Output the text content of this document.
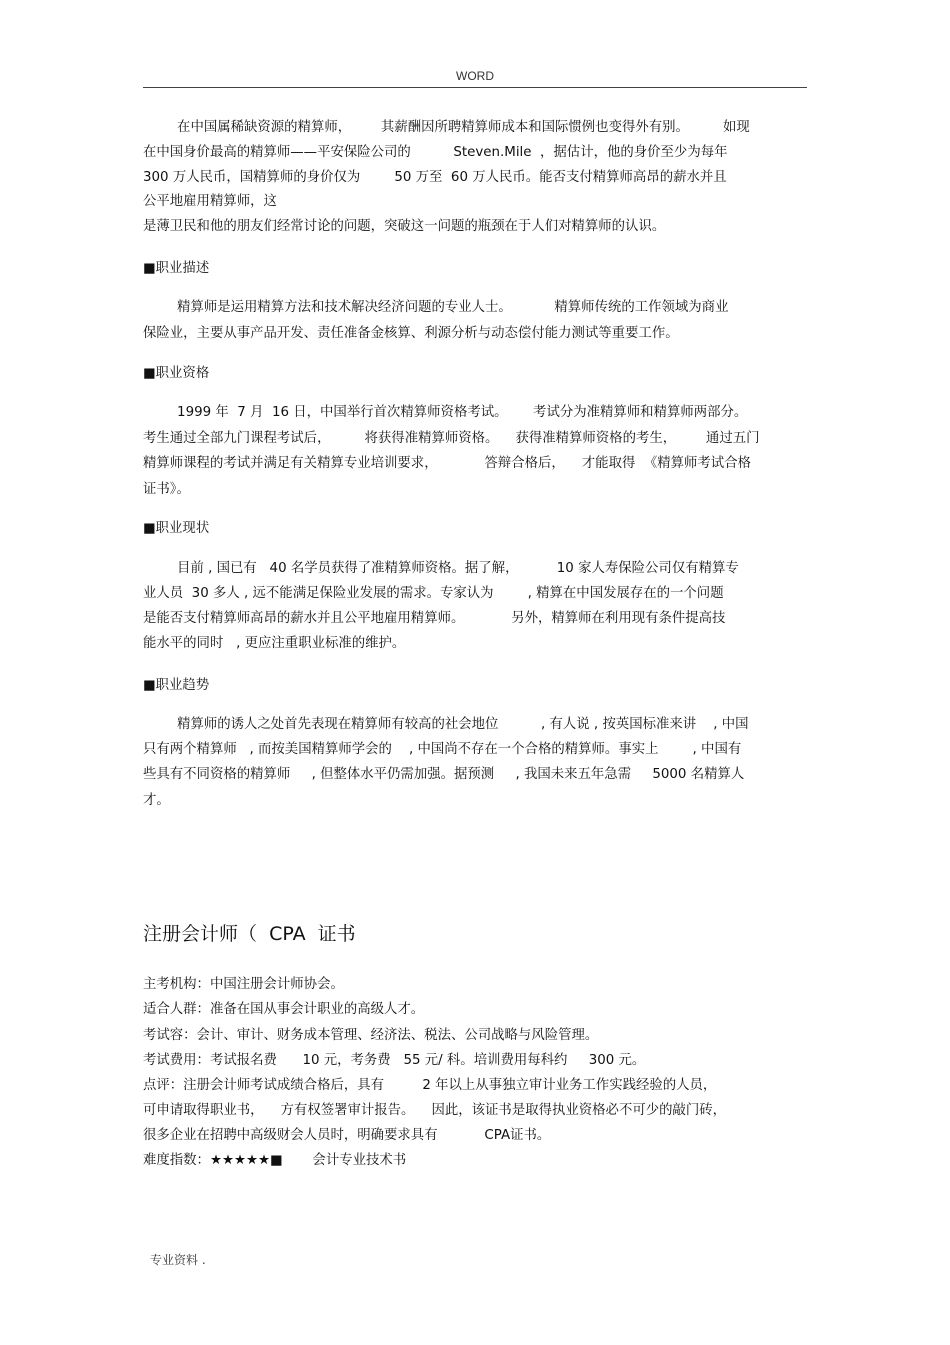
WORD
在中国属稀缺资源的精算师，       其薪酬因所聘精算师成本和国际惯例也变得外有别。        如现
在中国身价最高的精算师——平安保险公司的          Steven.Mile  ，据估计，他的身价至少为每年
300 万人民币，国精算师的身价仅为        50 万至  60 万人民币。能否支付精算师高昂的薪水并且
公平地雇用精算师，这
是薄卫民和他的朋友们经常讨论的问题，突破这一问题的瓶颈在于人们对精算师的认识。
■职业描述
精算师是运用精算方法和技术解决经济问题的专业人士。          精算师传统的工作领域为商业
保险业，主要从事产品开发、责任准备金核算、利源分析与动态偿付能力测试等重要工作。
■职业资格
1999 年  7 月  16 日，中国举行首次精算师资格考试。      考试分为准精算师和精算师两部分。
考生通过全部九门课程考试后，        将获得准精算师资格。    获得准精算师资格的考生，       通过五门
精算师课程的考试并满足有关精算专业培训要求，           答辩合格后，    才能取得  《精算师考试合格
证书》。
■职业现状
目前 , 国已有   40 名学员获得了准精算师资格。据了解，         10 家人寿保险公司仅有精算专
业人员  30 多人 , 远不能满足保险业发展的需求。专家认为        , 精算在中国发展存在的一个问题
是能否支付精算师高昂的薪水并且公平地雇用精算师。           另外，精算师在利用现有条件提高技
能水平的同时   , 更应注重职业标准的维护。
■职业趋势
精算师的诱人之处首先表现在精算师有较高的社会地位          , 有人说 , 按英国标准来讲    , 中国
只有两个精算师   , 而按美国精算师学会的    , 中国尚不存在一个合格的精算师。事实上        , 中国有
些具有不同资格的精算师     , 但整体水平仍需加强。据预测     , 我国未来五年急需     5000 名精算人
才。
注册会计师（  CPA  证书
主考机构：中国注册会计师协会。
适合人群：准备在国从事会计职业的高级人才。
考试容：会计、审计、财务成本管理、经济法、税法、公司战略与风险管理。
考试费用：考试报名费      10 元，考务费   55 元/ 科。培训费用每科约     300 元。
点评：注册会计师考试成绩合格后，具有         2 年以上从事独立审计业务工作实践经验的人员，
可申请取得职业书，    方有权签署审计报告。    因此，该证书是取得执业资格必不可少的敲门砖，
很多企业在招聘中高级财会人员时，明确要求具有           CPA证书。
难度指数：★★★★★■       会计专业技术书
专业资料 .
